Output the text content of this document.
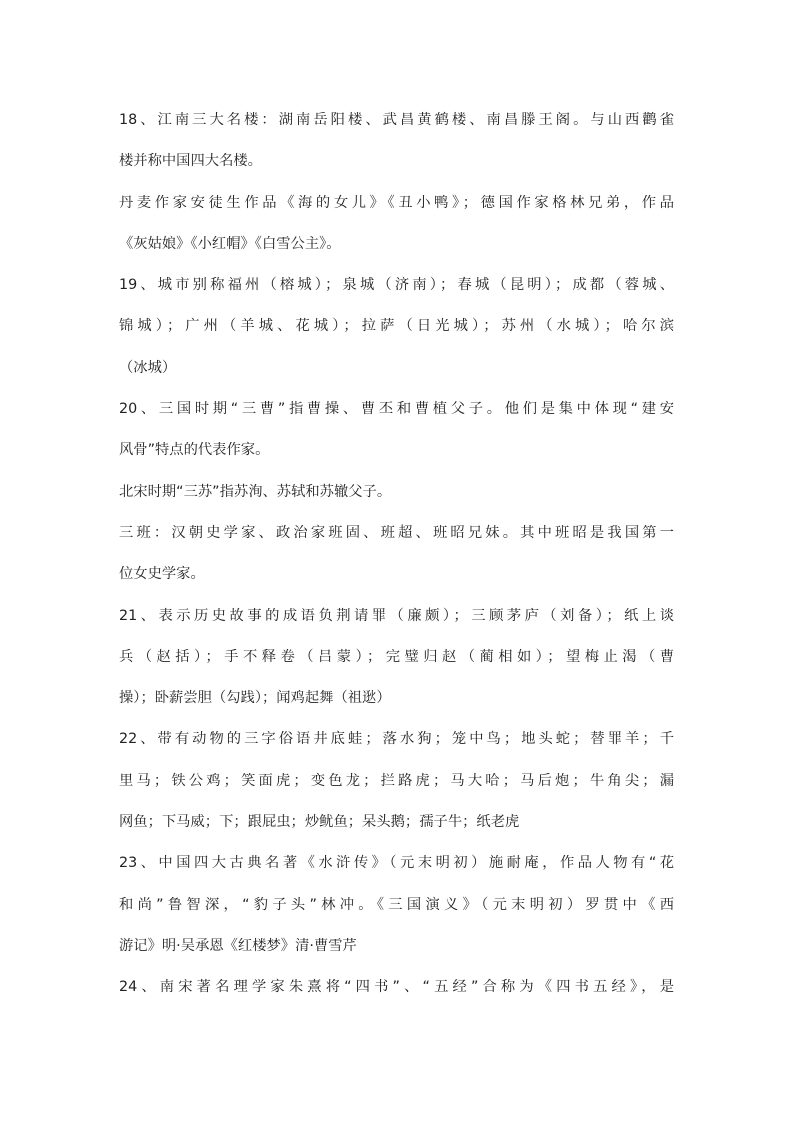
18、江南三大名楼：湖南岳阳楼、武昌黄鹤楼、南昌滕王阁。与山西鹳雀
楼并称中国四大名楼。
丹麦作家安徒生作品《海的女儿》《丑小鸭》；德国作家格林兄弟，作品
《灰姑娘》《小红帽》《白雪公主》。
19、城市别称福州（榕城）；泉城（济南）；春城（昆明）；成都（蓉城、
锦城）；广州（羊城、花城）；拉萨（日光城）；苏州（水城）；哈尔滨
（冰城）
20、三国时期“三曹”指曹操、曹丕和曹植父子。他们是集中体现“建安
风骨”特点的代表作家。
北宋时期“三苏”指苏洵、苏轼和苏辙父子。
三班：汉朝史学家、政治家班固、班超、班昭兄妹。其中班昭是我国第一
位女史学家。
21、表示历史故事的成语负荆请罪（廉颇）；三顾茅庐（刘备）；纸上谈
兵（赵括）；手不释卷（吕蒙）；完璧归赵（蔺相如）；望梅止渴（曹
操）；卧薪尝胆（勾践）；闻鸡起舞（祖逖）
22、带有动物的三字俗语井底蛙；落水狗；笼中鸟；地头蛇；替罪羊；千
里马；铁公鸡；笑面虎；变色龙；拦路虎；马大哈；马后炮；牛角尖；漏
网鱼；下马威；下；跟屁虫；炒鱿鱼；呆头鹅；孺子牛；纸老虎
23、中国四大古典名著《水浒传》（元末明初）施耐庵，作品人物有“花
和尚”鲁智深，“豹子头”林冲。《三国演义》（元末明初）罗贯中《西
游记》明·吴承恩《红楼梦》清·曹雪芹
24、南宋著名理学家朱熹将“四书”、“五经”合称为《四书五经》，是
